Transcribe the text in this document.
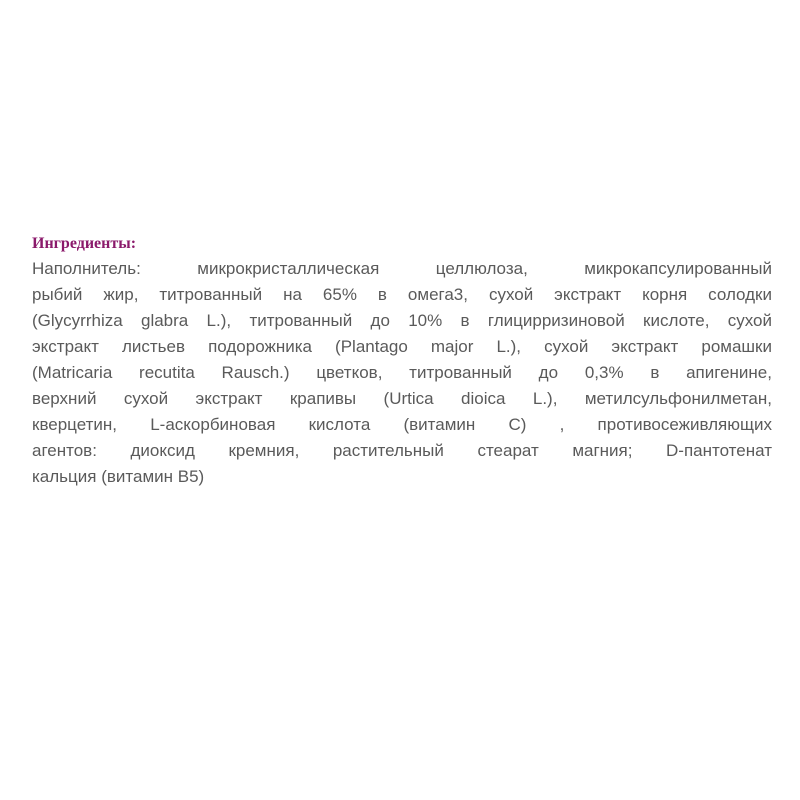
Ингредиенты:

Наполнитель: микрокристаллическая целлюлоза, микрокапсулированный
рыбий жир, титрованный на 65% в омега3, сухой экстракт корня солодки
(Glycyrrhiza glabra L.), титрованный до 10% в глицирризиновой кислоте, сухой
экстракт листьев подорожника (Plantago major L.), сухой экстракт ромашки
(Matricaria recutita Rausch.) цветков, титрованный до 0,3% в апигенине,
верхний сухой экстракт крапивы (Urtica dioica L.), метилсульфонилметан,
кверцетин, L-аскорбиновая кислота (витамин С) , противосеживляющих
агентов: диоксид кремния, растительный стеарат магния; D-пантотенат
кальция (витамин B5)
